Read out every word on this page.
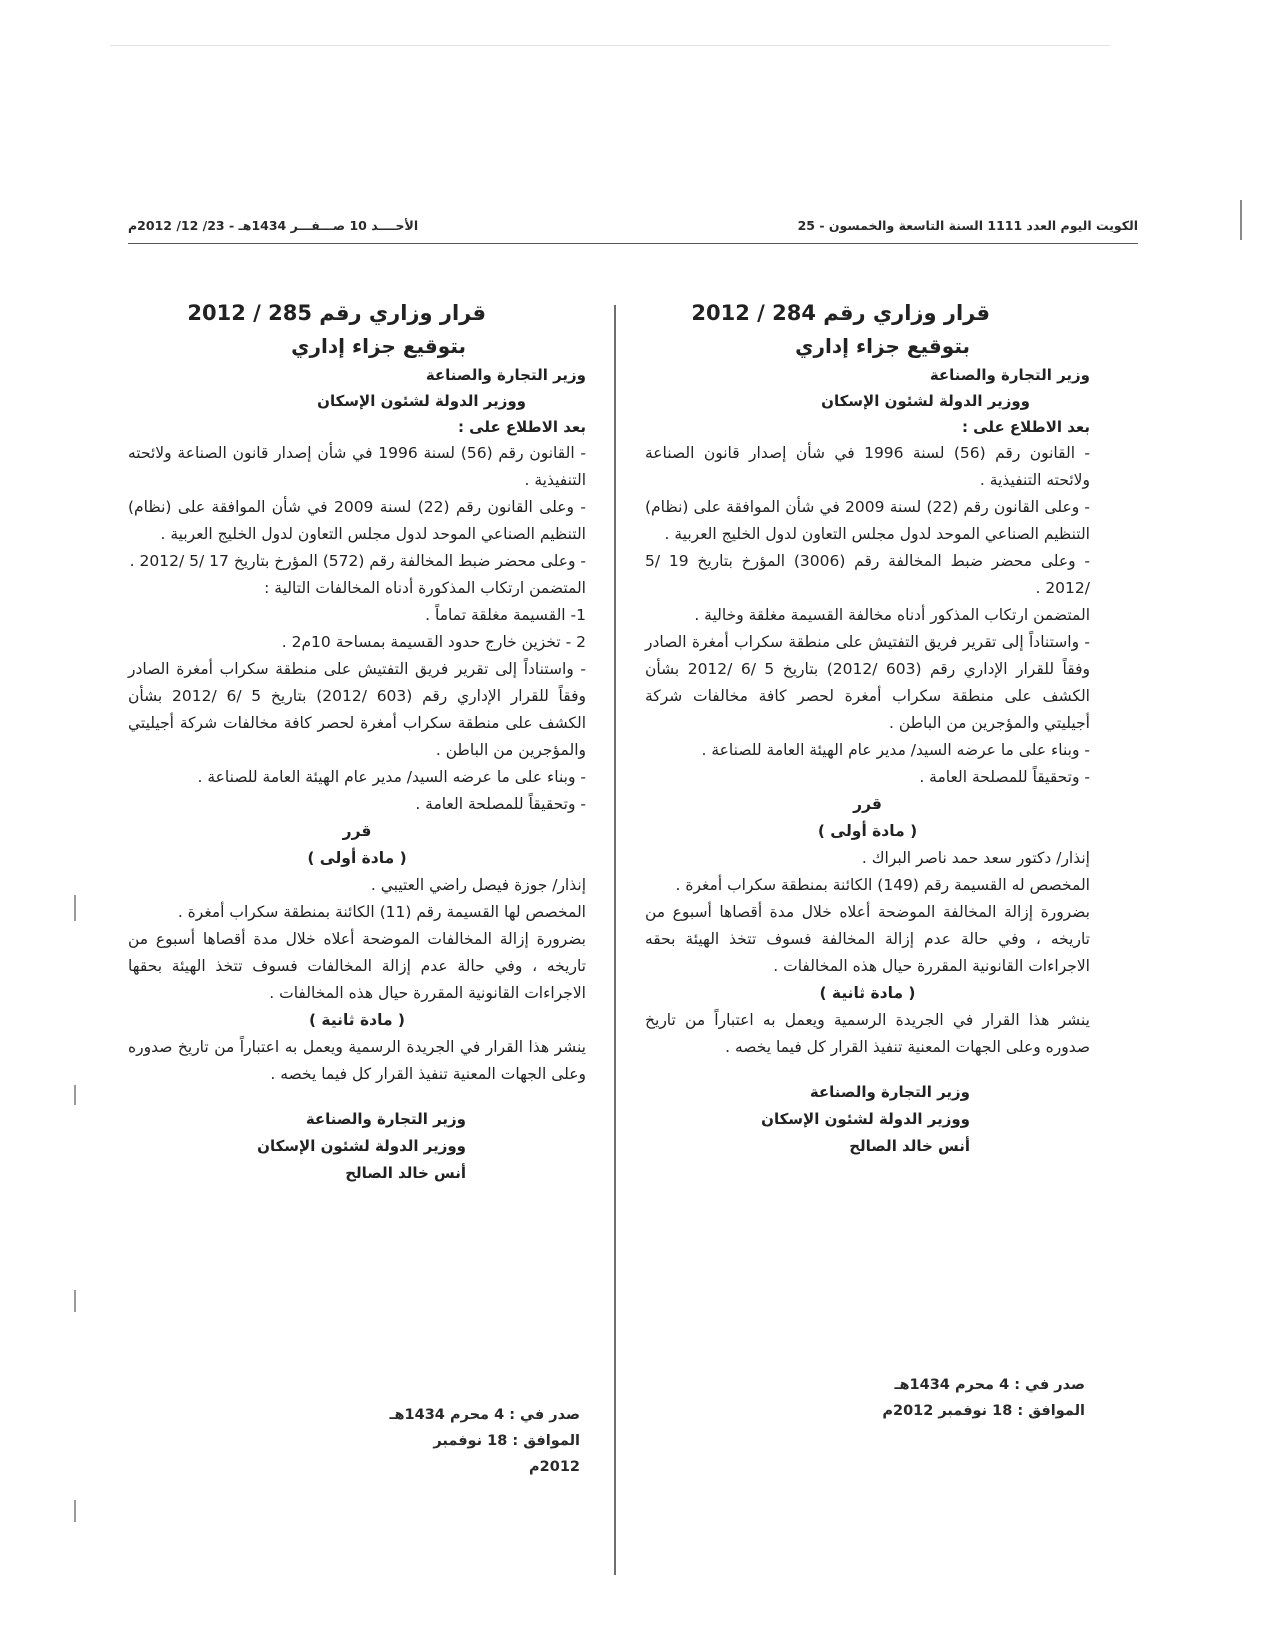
الكويت اليوم العدد 1111 السنة التاسعة والخمسون - 25
الأحــــد 10 صـــفـــر 1434هـ - 23/ 12/ 2012م

قرار وزاري رقم 284 / 2012

بتوقيع جزاء إداري

وزير التجارة والصناعة

ووزير الدولة لشئون الإسكان

بعد الاطلاع على :

- القانون رقم (56) لسنة 1996 في شأن إصدار قانون الصناعة ولائحته التنفيذية .

- وعلى القانون رقم (22) لسنة 2009 في شأن الموافقة على (نظام) التنظيم الصناعي الموحد لدول مجلس التعاون لدول الخليج العربية .

- وعلى محضر ضبط المخالفة رقم (3006) المؤرخ بتاريخ 19 /5 /2012 .

المتضمن ارتكاب المذكور أدناه مخالفة القسيمة مغلقة وخالية .

- واستناداً إلى تقرير فريق التفتيش على منطقة سكراب أمغرة الصادر وفقاً للقرار الإداري رقم (603 /2012) بتاريخ 5 /6 /2012 بشأن الكشف على منطقة سكراب أمغرة لحصر كافة مخالفات شركة أجيليتي والمؤجرين من الباطن .

- وبناء على ما عرضه السيد/ مدير عام الهيئة العامة للصناعة .

- وتحقيقاً للمصلحة العامة .

قرر

( مادة أولى )

إنذار/ دكتور سعد حمد ناصر البراك .

المخصص له القسيمة رقم (149) الكائنة بمنطقة سكراب أمغرة .

بضرورة إزالة المخالفة الموضحة أعلاه خلال مدة أقصاها أسبوع من تاريخه ، وفي حالة عدم إزالة المخالفة فسوف تتخذ الهيئة بحقه الاجراءات القانونية المقررة حيال هذه المخالفات .

( مادة ثانية )

ينشر هذا القرار في الجريدة الرسمية ويعمل به اعتباراً من تاريخ صدوره وعلى الجهات المعنية تنفيذ القرار كل فيما يخصه .

وزير التجارة والصناعة

ووزير الدولة لشئون الإسكان

أنس خالد الصالح

صدر في : 4 محرم 1434هـ
الموافق : 18 نوفمبر 2012م

قرار وزاري رقم 285 / 2012

بتوقيع جزاء إداري

وزير التجارة والصناعة

ووزير الدولة لشئون الإسكان

بعد الاطلاع على :

- القانون رقم (56) لسنة 1996 في شأن إصدار قانون الصناعة ولائحته التنفيذية .

- وعلى القانون رقم (22) لسنة 2009 في شأن الموافقة على (نظام) التنظيم الصناعي الموحد لدول مجلس التعاون لدول الخليج العربية .

- وعلى محضر ضبط المخالفة رقم (572) المؤرخ بتاريخ 17 /5 /2012 .

المتضمن ارتكاب المذكورة أدناه المخالفات التالية :

1- القسيمة مغلقة تماماً .

2 - تخزين خارج حدود القسيمة بمساحة 10م2 .

- واستناداً إلى تقرير فريق التفتيش على منطقة سكراب أمغرة الصادر وفقاً للقرار الإداري رقم (603 /2012) بتاريخ 5 /6 /2012 بشأن الكشف على منطقة سكراب أمغرة لحصر كافة مخالفات شركة أجيليتي والمؤجرين من الباطن .

- وبناء على ما عرضه السيد/ مدير عام الهيئة العامة للصناعة .

- وتحقيقاً للمصلحة العامة .

قرر

( مادة أولى )

إنذار/ جوزة فيصل راضي العتيبي .

المخصص لها القسيمة رقم (11) الكائنة بمنطقة سكراب أمغرة .

بضرورة إزالة المخالفات الموضحة أعلاه خلال مدة أقصاها أسبوع من تاريخه ، وفي حالة عدم إزالة المخالفات فسوف تتخذ الهيئة بحقها الاجراءات القانونية المقررة حيال هذه المخالفات .

( مادة ثانية )

ينشر هذا القرار في الجريدة الرسمية ويعمل به اعتباراً من تاريخ صدوره وعلى الجهات المعنية تنفيذ القرار كل فيما يخصه .

وزير التجارة والصناعة

ووزير الدولة لشئون الإسكان

أنس خالد الصالح

صدر في : 4 محرم 1434هـ
الموافق : 18 نوفمبر 2012م
